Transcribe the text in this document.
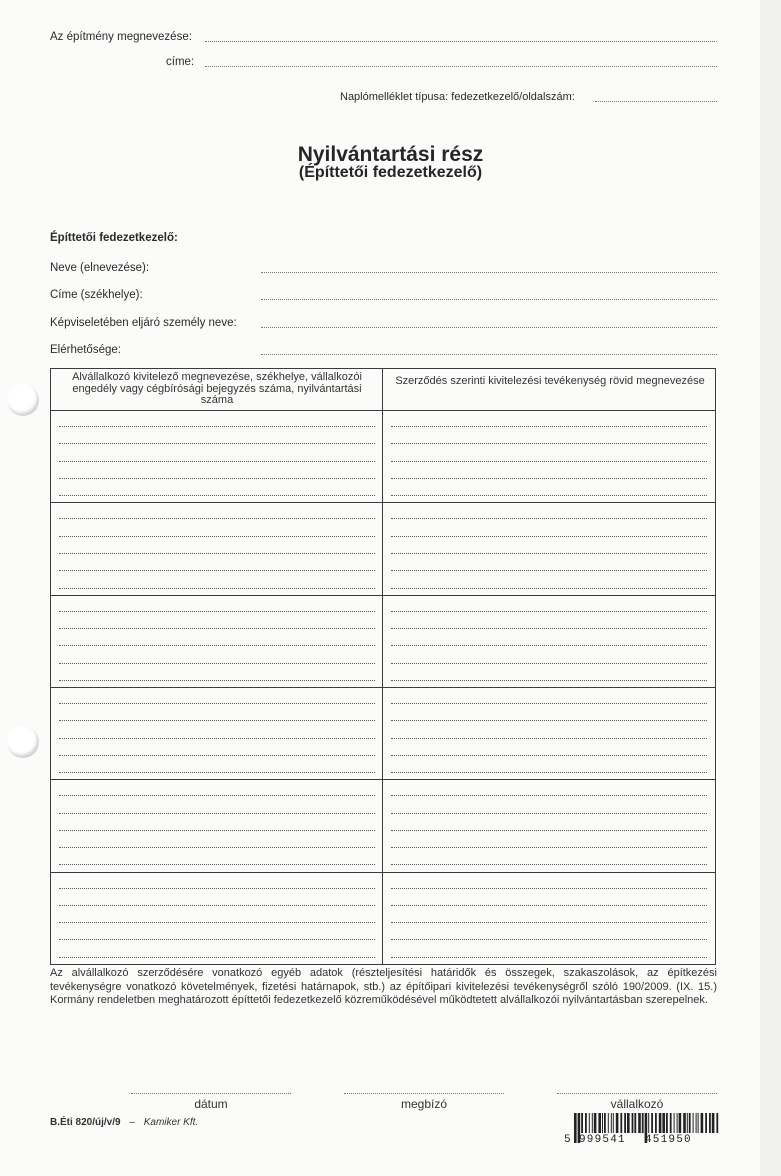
Az építmény megnevezése:
címe:
Naplómelléklet típusa: fedezetkezelő/oldalszám:
Nyilvántartási rész
(Építtetői fedezetkezelő)
Építtetői fedezetkezelő:
Neve (elnevezése):
Címe (székhelye):
Képviseletében eljáró személy neve:
Elérhetősége:
Alvállalkozó kivitelező megnevezése, székhelye, vállalkozói engedély vagy cégbírósági bejegyzés száma, nyilvántartási száma
Szerződés szerinti kivitelezési tevékenység rövid megnevezése
Az alvállalkozó szerződésére vonatkozó egyéb adatok (részteljesítési határidők és összegek, szakaszolások, az építkezési tevékenységre vonatkozó követelmények, fizetési határnapok, stb.) az építőipari kivitelezési tevékenységről szóló 190/2009. (IX. 15.) Kormány rendeletben meghatározott építtetői fedezetkezelő közreműködésével működtetett alvállalkozói nyilvántartásban szerepelnek.
dátum	megbízó	vállalkozó
B.Éti 820/új/v/9 – Kamiker Kft.
5 999541 451950
